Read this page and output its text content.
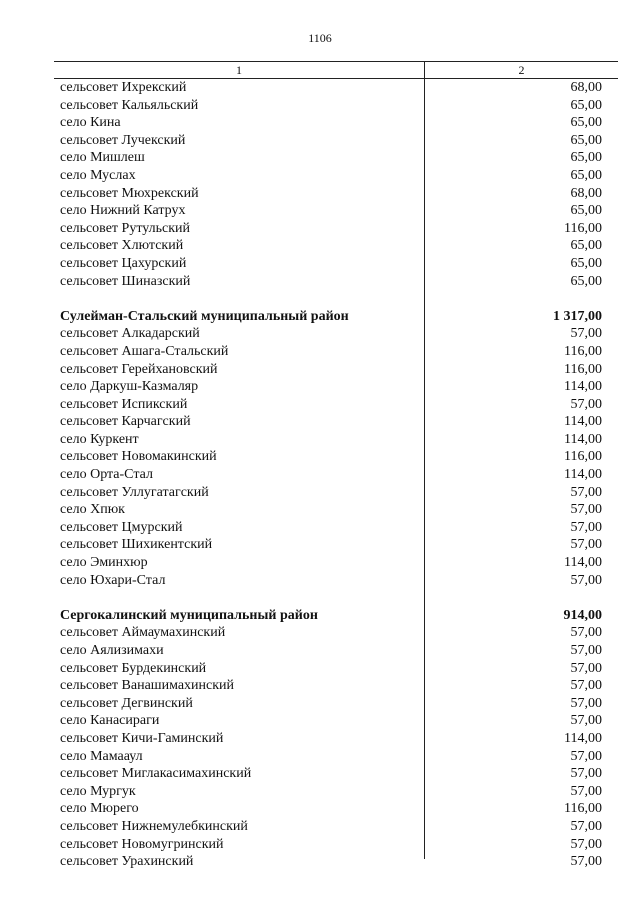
1106
1	2
сельсовет Ихрекский	68,00
сельсовет Кальяльский	65,00
село Кина	65,00
сельсовет Лучекский	65,00
село Мишлеш	65,00
село Муслах	65,00
сельсовет Мюхрекский	68,00
село Нижний Катрух	65,00
сельсовет Рутульский	116,00
сельсовет Хлютский	65,00
сельсовет Цахурский	65,00
сельсовет Шиназский	65,00
Сулейман-Стальский муниципальный район	1 317,00
сельсовет Алкадарский	57,00
сельсовет Ашага-Стальский	116,00
сельсовет Герейхановский	116,00
село Даркуш-Казмаляр	114,00
сельсовет Испикский	57,00
сельсовет Карчагский	114,00
село Куркент	114,00
сельсовет Новомакинский	116,00
село Орта-Стал	114,00
сельсовет Уллугатагский	57,00
село Хпюк	57,00
сельсовет Цмурский	57,00
сельсовет Шихикентский	57,00
село Эминхюр	114,00
село Юхари-Стал	57,00
Сергокалинский муниципальный район	914,00
сельсовет Аймаумахинский	57,00
село Аялизимахи	57,00
сельсовет Бурдекинский	57,00
сельсовет Ванашимахинский	57,00
сельсовет Дегвинский	57,00
село Канасираги	57,00
сельсовет Кичи-Гаминский	114,00
село Мамааул	57,00
сельсовет Миглакасимахинский	57,00
село Мургук	57,00
село Мюрего	116,00
сельсовет Нижнемулебкинский	57,00
сельсовет Новомугринский	57,00
сельсовет Урахинский	57,00
